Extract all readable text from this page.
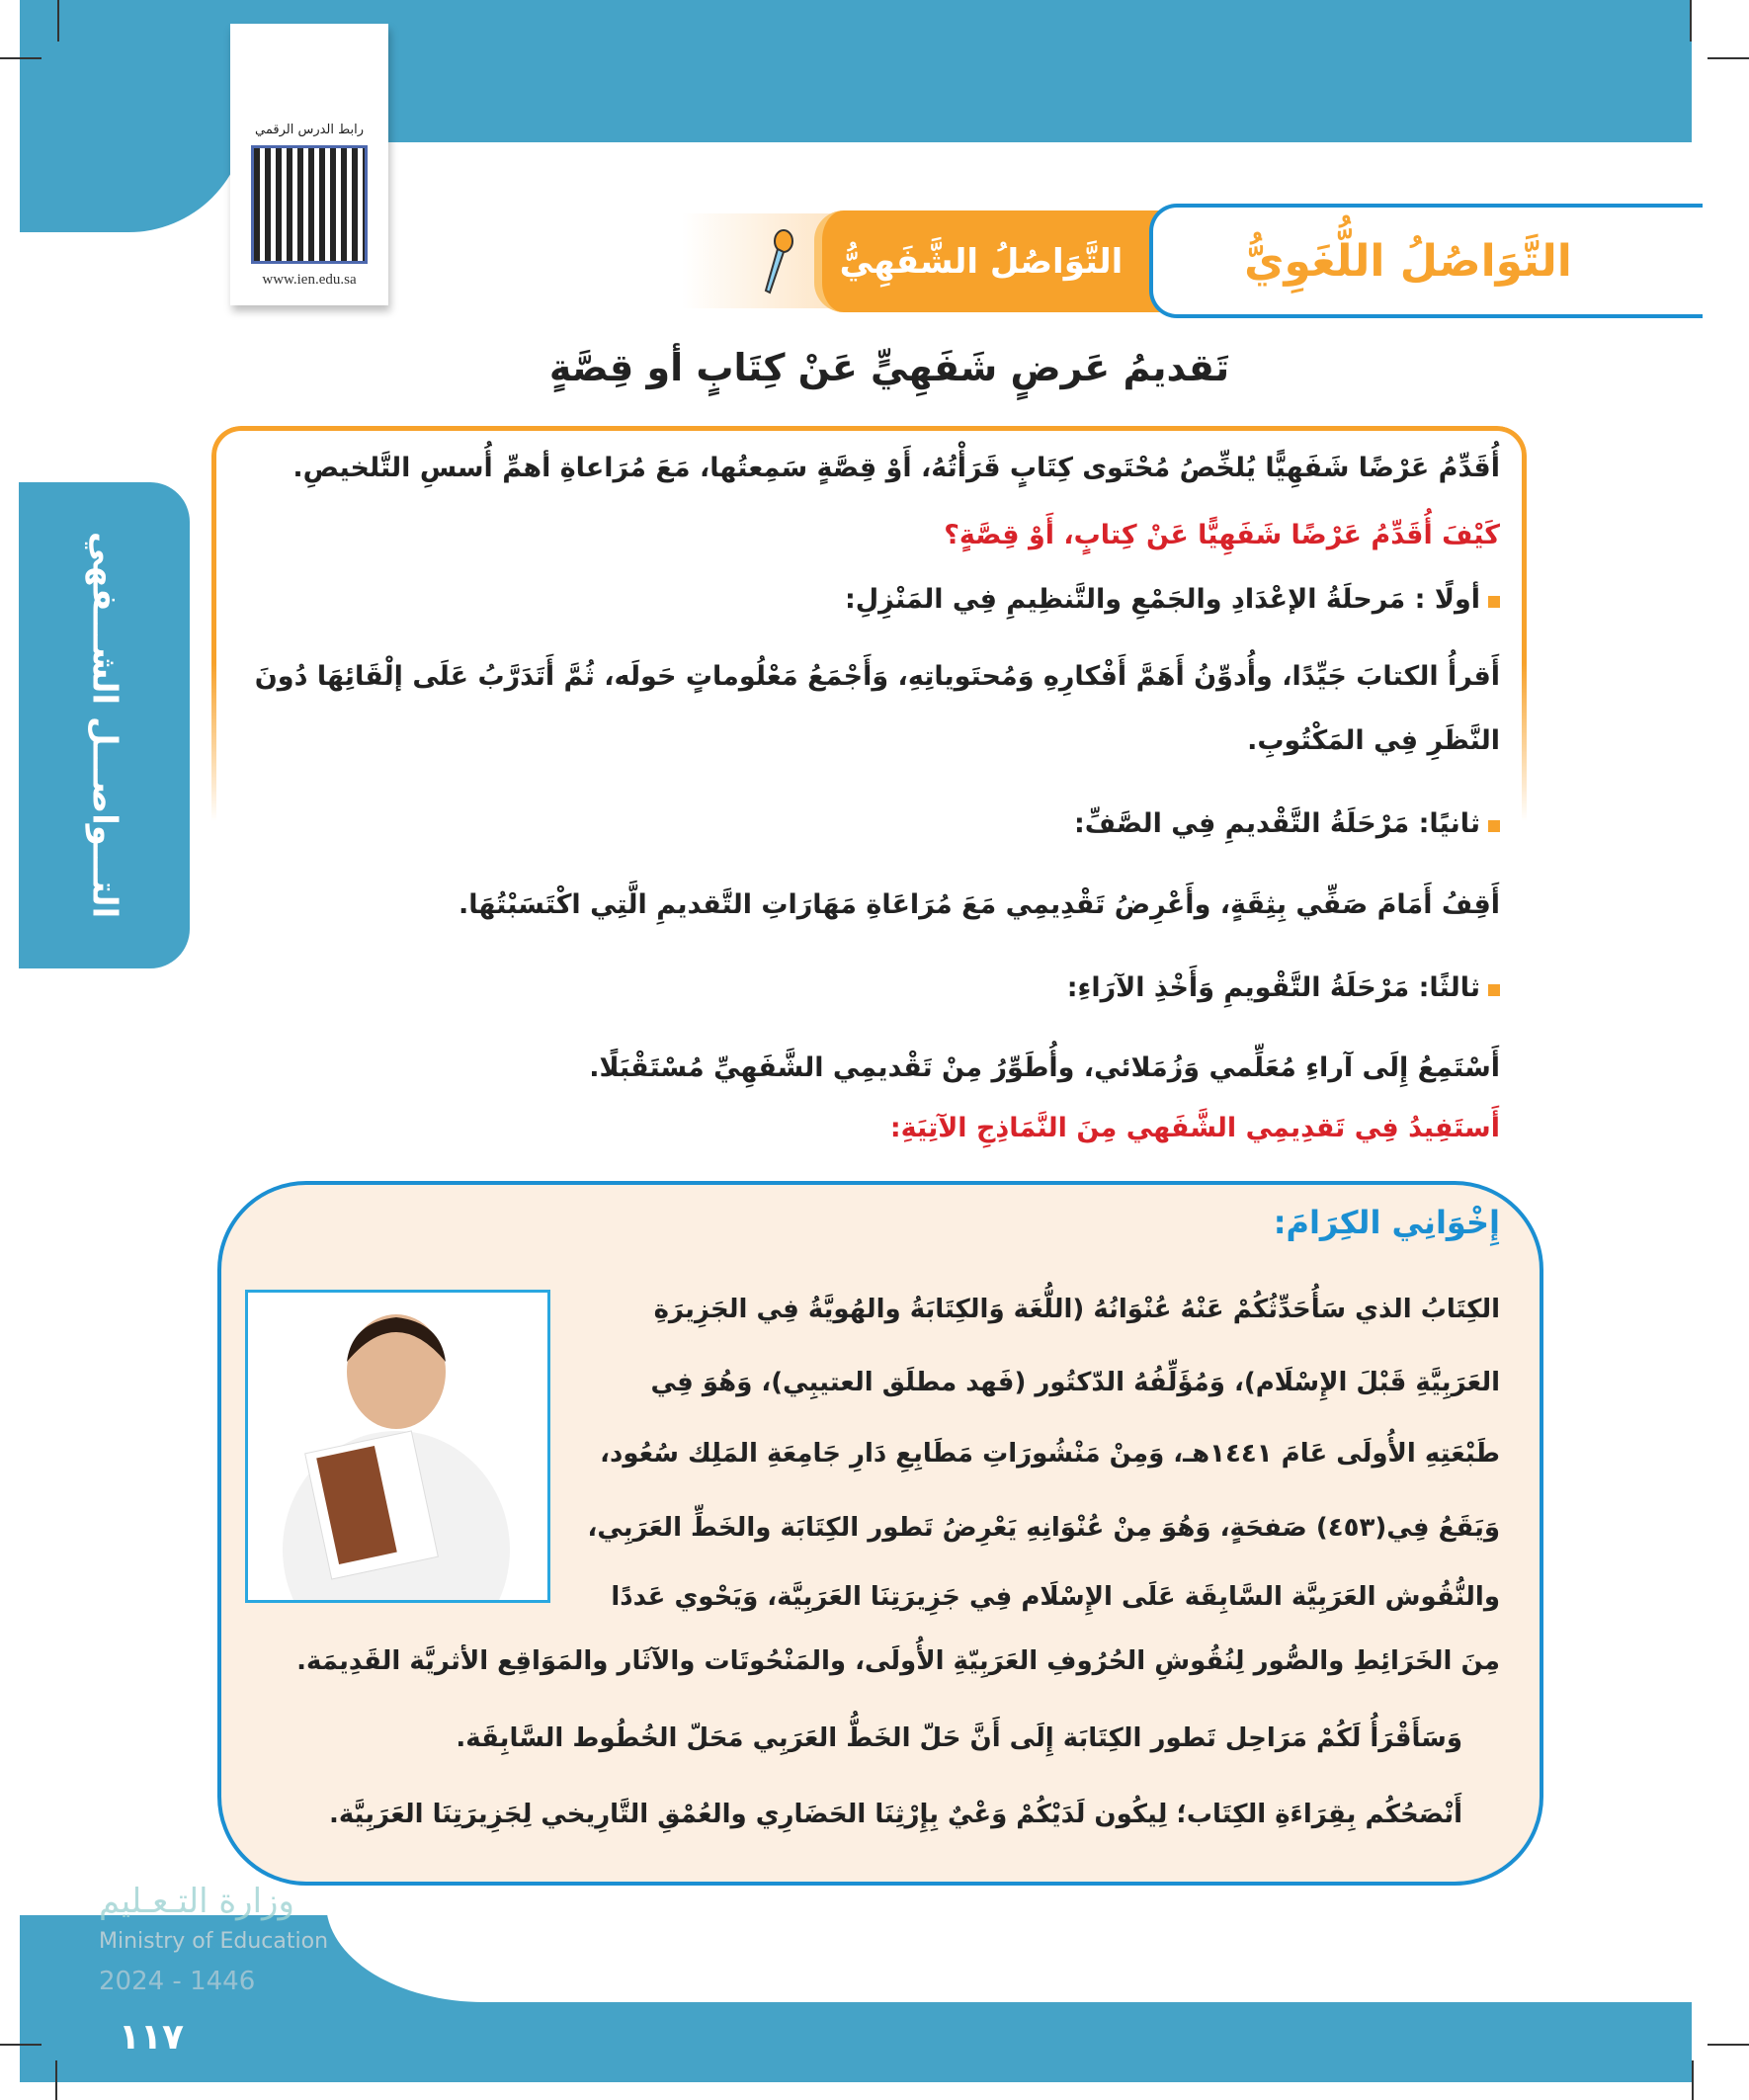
رابط الدرس الرقمي
www.ien.edu.sa	التَّوَاصُلُ الشَّفَهِيُّ	التَّوَاصُلُ اللُّغَوِيُّ
تَقديمُ عَرضٍ شَفَهِيٍّ عَنْ كِتَابٍ أو قِصَّةٍ
التـــواصـــل الشـــفهي
أُقَدِّمُ عَرْضًا شَفَهِيًّا يُلخِّصُ مُحْتَوى كِتَابٍ قَرَأْتُهُ، أَوْ قِصَّةٍ سَمِعتُها، مَعَ مُرَاعاةِ أهمِّ أُسسِ التَّلخيصِ.
كَيْفَ أُقَدِّمُ عَرْضًا شَفَهِيًّا عَنْ كِتابٍ، أَوْ قِصَّةٍ؟
أولًا : مَرحلَةُ الإعْدَادِ والجَمْعِ والتَّنظِيمِ فِي المَنْزِلِ:
أَقرأُ الكتابَ جَيِّدًا، وأُدوِّنُ أَهَمَّ أَفْكارِهِ وَمُحتَوياتِهِ، وَأَجْمَعُ مَعْلُوماتٍ حَولَه، ثُمَّ أَتَدَرَّبُ عَلَى إلْقَائِهَا دُونَ
النَّظَرِ فِي المَكْتُوبِ.
ثانيًا: مَرْحَلَةُ التَّقْديمِ فِي الصَّفِّ:
أَقِفُ أَمَامَ صَفِّي بِثِقَةٍ، وأَعْرِضُ تَقْدِيمِي مَعَ مُرَاعَاةِ مَهَارَاتِ التَّقديمِ الَّتِي اكْتَسَبْتُهَا.
ثالثًا: مَرْحَلَةُ التَّقْويمِ وَأَخْذِ الآرَاءِ:
أَسْتَمِعُ إِلَى آراءِ مُعَلِّمي وَزُمَلائي، وأُطَوِّرُ مِنْ تَقْديمِي الشَّفَهِيِّ مُسْتَقْبَلًا.
أَستَفِيدُ فِي تَقدِيمِي الشَّفَهي مِنَ النَّمَاذِجِ الآتِيَةِ:
إِخْوَانِي الكِرَامَ:
الكِتَابُ الذي سَأُحَدِّثُكُمْ عَنْهُ عُنْوَانُهُ (اللُّغَة وَالكِتَابَةُ والهُويَّةُ فِي الجَزِيرَةِ
العَرَبِيَّةِ قَبْلَ الإِسْلَام)، وَمُؤَلِّفُهُ الدّكتُور (فَهد مطلَق العتيبِي)، وَهُوَ فِي
طَبْعَتِهِ الأُولَى عَامَ ١٤٤١هـ، وَمِنْ مَنْشُورَاتِ مَطَابِعِ دَارِ جَامِعَةِ المَلِك سُعُود،
وَيَقَعُ فِي(٤٥٣) صَفحَةٍ، وَهُوَ مِنْ عُنْوَانِهِ يَعْرِضُ تَطور الكِتَابَة والخَطِّ العَرَبِي،
والنُّقُوش العَرَبِيَّة السَّابِقَة عَلَى الإِسْلَام فِي جَزِيرَتِنَا العَرَبِيَّة، وَيَحْوي عَددًا
مِنَ الخَرَائِطِ والصُّور لِنُقُوشِ الحُرُوفِ العَرَبِيّةِ الأُولَى، والمَنْحُوتَات والآثَار والمَوَاقِع الأثريَّة القَدِيمَة.
وَسَأَقْرَأُ لَكُمْ مَرَاحِل تَطور الكِتَابَة إِلَى أَنَّ حَلّ الخَطُّ العَرَبِي مَحَلّ الخُطُوط السَّابِقَة.
أَنْصَحُكُم بِقِرَاءَةِ الكِتَاب؛ لِيكُون لَدَيْكُمْ وَعْيٌ بِإِرْثِنَا الحَضَارِي والعُمْقِ التَّارِيخي لِجَزِيرَتِنَا العَرَبِيَّة.
وزارة التـعـليم
Ministry of Education
2024 - 1446
١١٧
